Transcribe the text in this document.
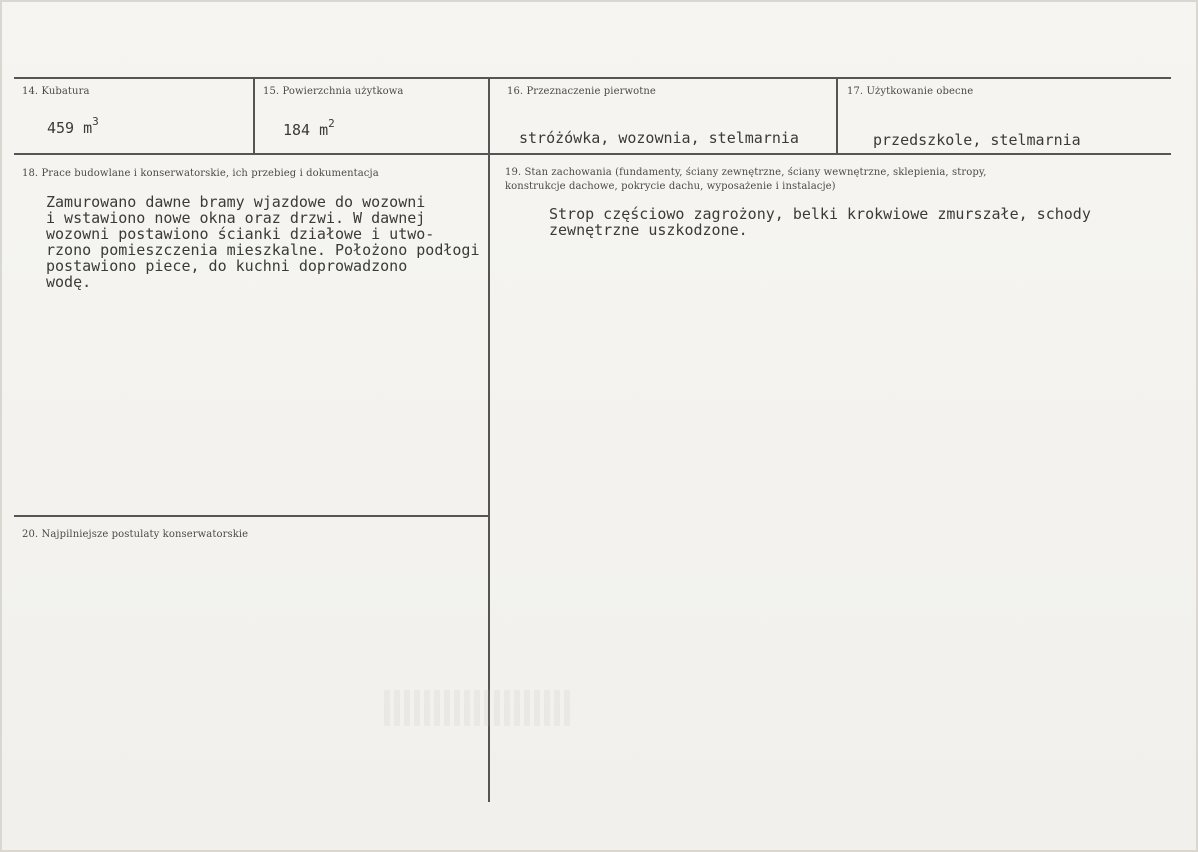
14. Kubatura
459 $m^3$
15. Powierzchnia użytkowa
184 $m^2$
16. Przeznaczenie pierwotne
stróżówka, wozownia, stelmarnia
17. Użytkowanie obecne
przedszkole, stelmarnia
18. Prace budowlane i konserwatorskie, ich przebieg i dokumentacja
Zamurowano dawne bramy wjazdowe do wozowni
i wstawiono nowe okna oraz drzwi. W dawnej
wozowni postawiono ścianki działowe i utwo-
rzono pomieszczenia mieszkalne. Położono podłogi
postawiono piece, do kuchni doprowadzono
wodę.
19. Stan zachowania (fundamenty, ściany zewnętrzne, ściany wewnętrzne, sklepienia, stropy,
konstrukcje dachowe, pokrycie dachu, wyposażenie i instalacje)
Strop częściowo zagrożony, belki krokwiowe zmurszałe, schody
zewnętrzne uszkodzone.
20. Najpilniejsze postulaty konserwatorskie
